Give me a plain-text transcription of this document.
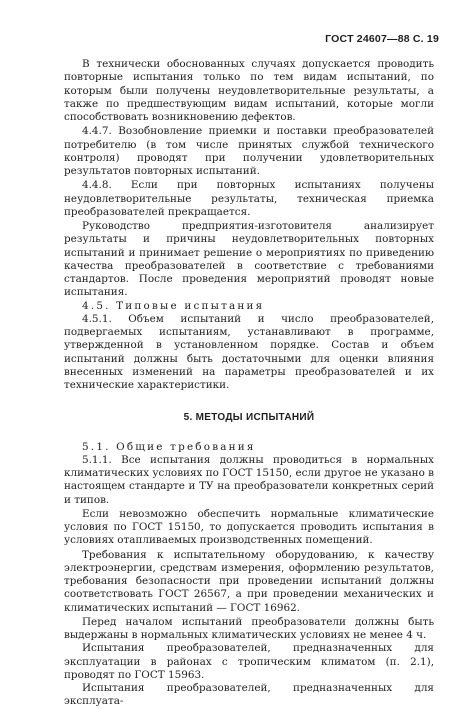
ГОСТ 24607—88 С. 19

В технически обоснованных случаях допускается проводить повторные испытания только по тем видам испытаний, по которым были получены неудовлетворительные результаты, а также по предшествующим видам испытаний, которые могли способствовать возникновению дефектов.

4.4.7. Возобновление приемки и поставки преобразователей потребителю (в том числе принятых службой технического контроля) проводят при получении удовлетворительных результатов повторных испытаний.

4.4.8. Если при повторных испытаниях получены неудовлетворительные результаты, техническая приемка преобразователей прекращается.

Руководство предприятия-изготовителя анализирует результаты и причины неудовлетворительных повторных испытаний и принимает решение о мероприятиях по приведению качества преобразователей в соответствие с требованиями стандартов. После проведения мероприятий проводят новые испытания.

4.5. Типовые испытания

4.5.1. Объем испытаний и число преобразователей, подвергаемых испытаниям, устанавливают в программе, утвержденной в установленном порядке. Состав и объем испытаний должны быть достаточными для оценки влияния внесенных изменений на параметры преобразователей и их технические характеристики.

5. МЕТОДЫ ИСПЫТАНИЙ

5.1. Общие требования

5.1.1. Все испытания должны проводиться в нормальных климатических условиях по ГОСТ 15150, если другое не указано в настоящем стандарте и ТУ на преобразователи конкретных серий и типов.

Если невозможно обеспечить нормальные климатические условия по ГОСТ 15150, то допускается проводить испытания в условиях отапливаемых производственных помещений.

Требования к испытательному оборудованию, к качеству электроэнергии, средствам измерения, оформлению результатов, требования безопасности при проведении испытаний должны соответствовать ГОСТ 26567, а при проведении механических и климатических испытаний — ГОСТ 16962.

Перед началом испытаний преобразователи должны быть выдержаны в нормальных климатических условиях не менее 4 ч.

Испытания преобразователей, предназначенных для эксплуатации в районах с тропическим климатом (п. 2.1), проводят по ГОСТ 15963.

Испытания преобразователей, предназначенных для эксплуата-
